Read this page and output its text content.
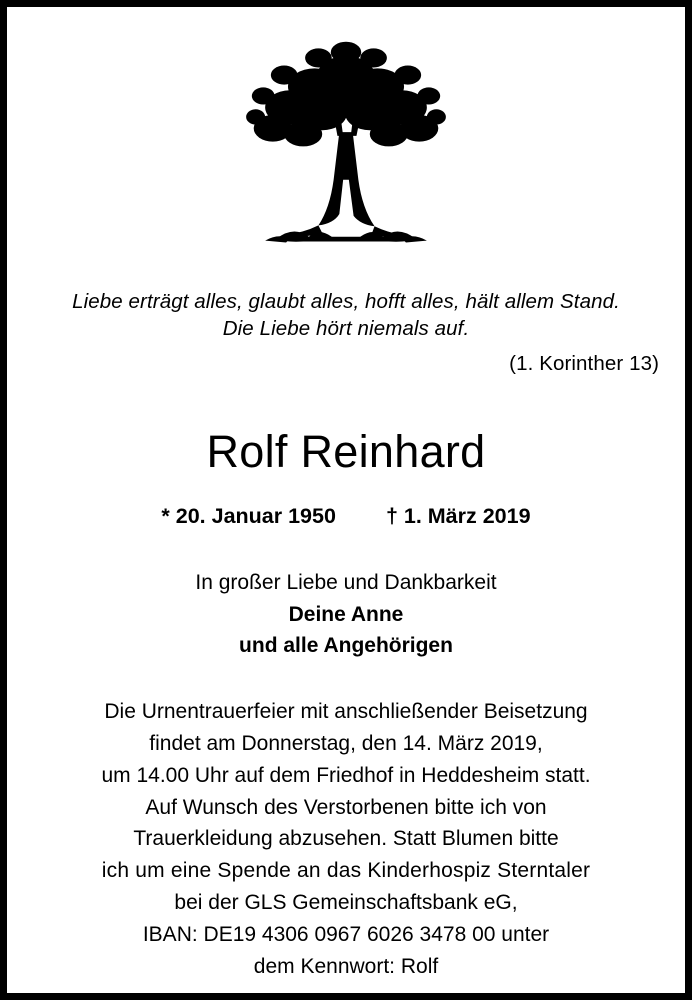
Liebe erträgt alles, glaubt alles, hofft alles, hält allem Stand.
Die Liebe hört niemals auf.
(1. Korinther 13)
Rolf Reinhard
* 20. Januar 1950 † 1. März 2019
In großer Liebe und Dankbarkeit
Deine Anne
und alle Angehörigen
Die Urnentrauerfeier mit anschließender Beisetzung
findet am Donnerstag, den 14. März 2019,
um 14.00 Uhr auf dem Friedhof in Heddesheim statt.
Auf Wunsch des Verstorbenen bitte ich von
Trauerkleidung abzusehen. Statt Blumen bitte
ich um eine Spende an das Kinderhospiz Sterntaler
bei der GLS Gemeinschaftsbank eG,
IBAN: DE19 4306 0967 6026 3478 00 unter
dem Kennwort: Rolf
